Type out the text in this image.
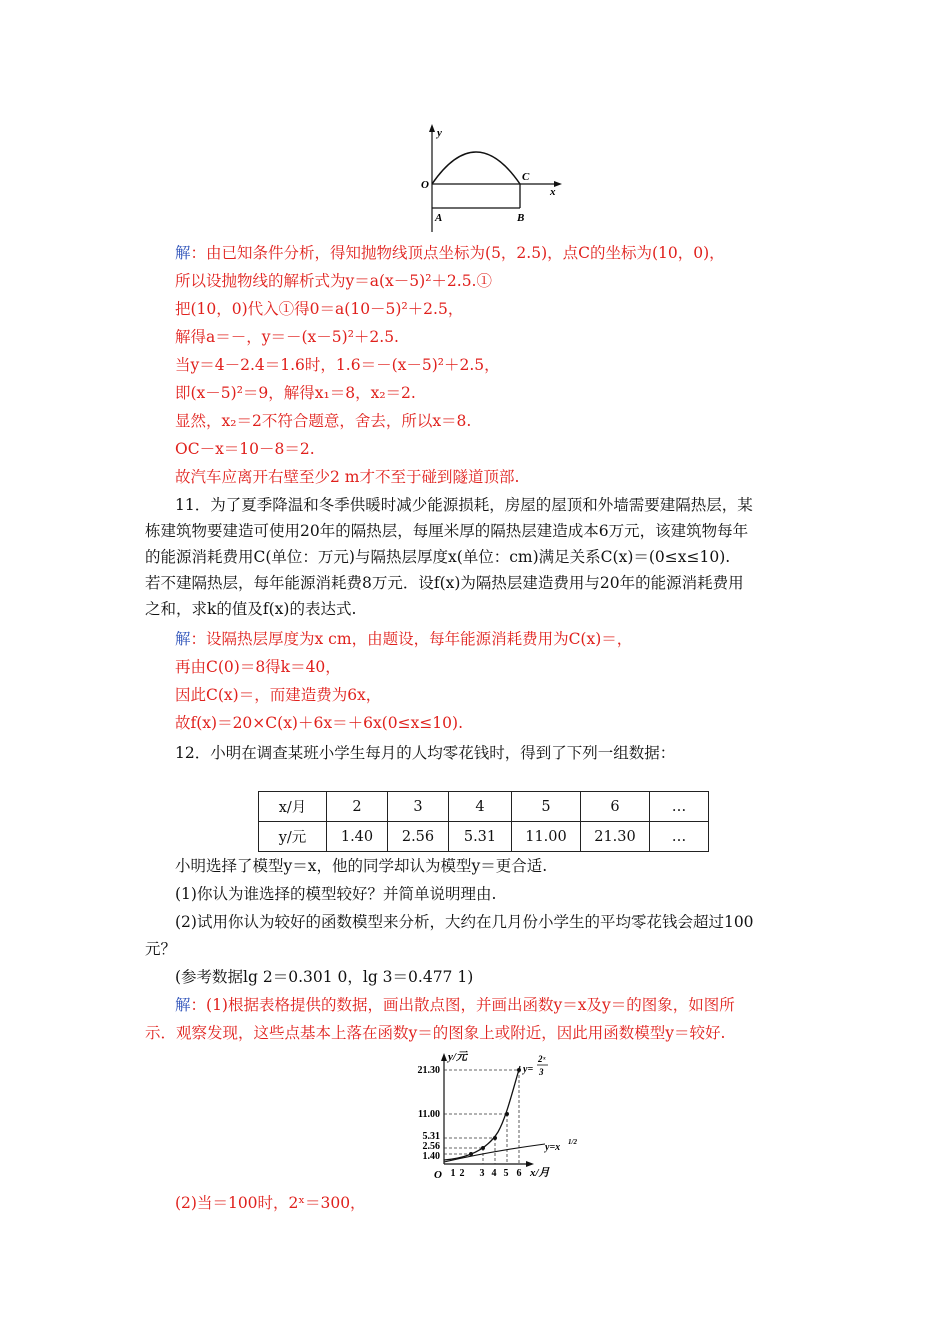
y
x
O
C
A	B
解：由已知条件分析，得知抛物线顶点坐标为(5，2.5)，点C的坐标为(10，0)，
所以设抛物线的解析式为y＝a(x－5)²＋2.5.①
把(10，0)代入①得0＝a(10－5)²＋2.5，
解得a＝－，y＝－(x－5)²＋2.5.
当y＝4－2.4＝1.6时，1.6＝－(x－5)²＋2.5，
即(x－5)²＝9，解得x₁＝8，x₂＝2.
显然，x₂＝2不符合题意，舍去，所以x＝8.
OC－x＝10－8＝2.
故汽车应离开右壁至少2 m才不至于碰到隧道顶部.
11．为了夏季降温和冬季供暖时减少能源损耗，房屋的屋顶和外墙需要建隔热层，某
栋建筑物要建造可使用20年的隔热层，每厘米厚的隔热层建造成本6万元，该建筑物每年
的能源消耗费用C(单位：万元)与隔热层厚度x(单位：cm)满足关系C(x)＝(0≤x≤10).
若不建隔热层，每年能源消耗费8万元．设f(x)为隔热层建造费用与20年的能源消耗费用
之和，求k的值及f(x)的表达式.
解：设隔热层厚度为x cm，由题设，每年能源消耗费用为C(x)＝，
再由C(0)＝8得k＝40，
因此C(x)＝，而建造费为6x，
故f(x)＝20×C(x)＋6x＝＋6x(0≤x≤10).
12．小明在调查某班小学生每月的人均零花钱时，得到了下列一组数据：
x/月	2	3	4	5	6	…
y/元	1.40	2.56	5.31	11.00	21.30	…
小明选择了模型y＝x，他的同学却认为模型y＝更合适.
(1)你认为谁选择的模型较好？并简单说明理由.
(2)试用你认为较好的函数模型来分析，大约在几月份小学生的平均零花钱会超过100
元？
(参考数据lg 2＝0.301 0，lg 3＝0.477 1)
解：(1)根据表格提供的数据，画出散点图，并画出函数y＝x及y＝的图象，如图所
示．观察发现，这些点基本上落在函数y＝的图象上或附近，因此用函数模型y＝较好.
y/元
x/月
O
21.30
11.00
5.31
2.56
1.40
1 2 3 4 5 6
y=
2ˣ
3
y=x 1/2
(2)当＝100时，2ˣ＝300，
